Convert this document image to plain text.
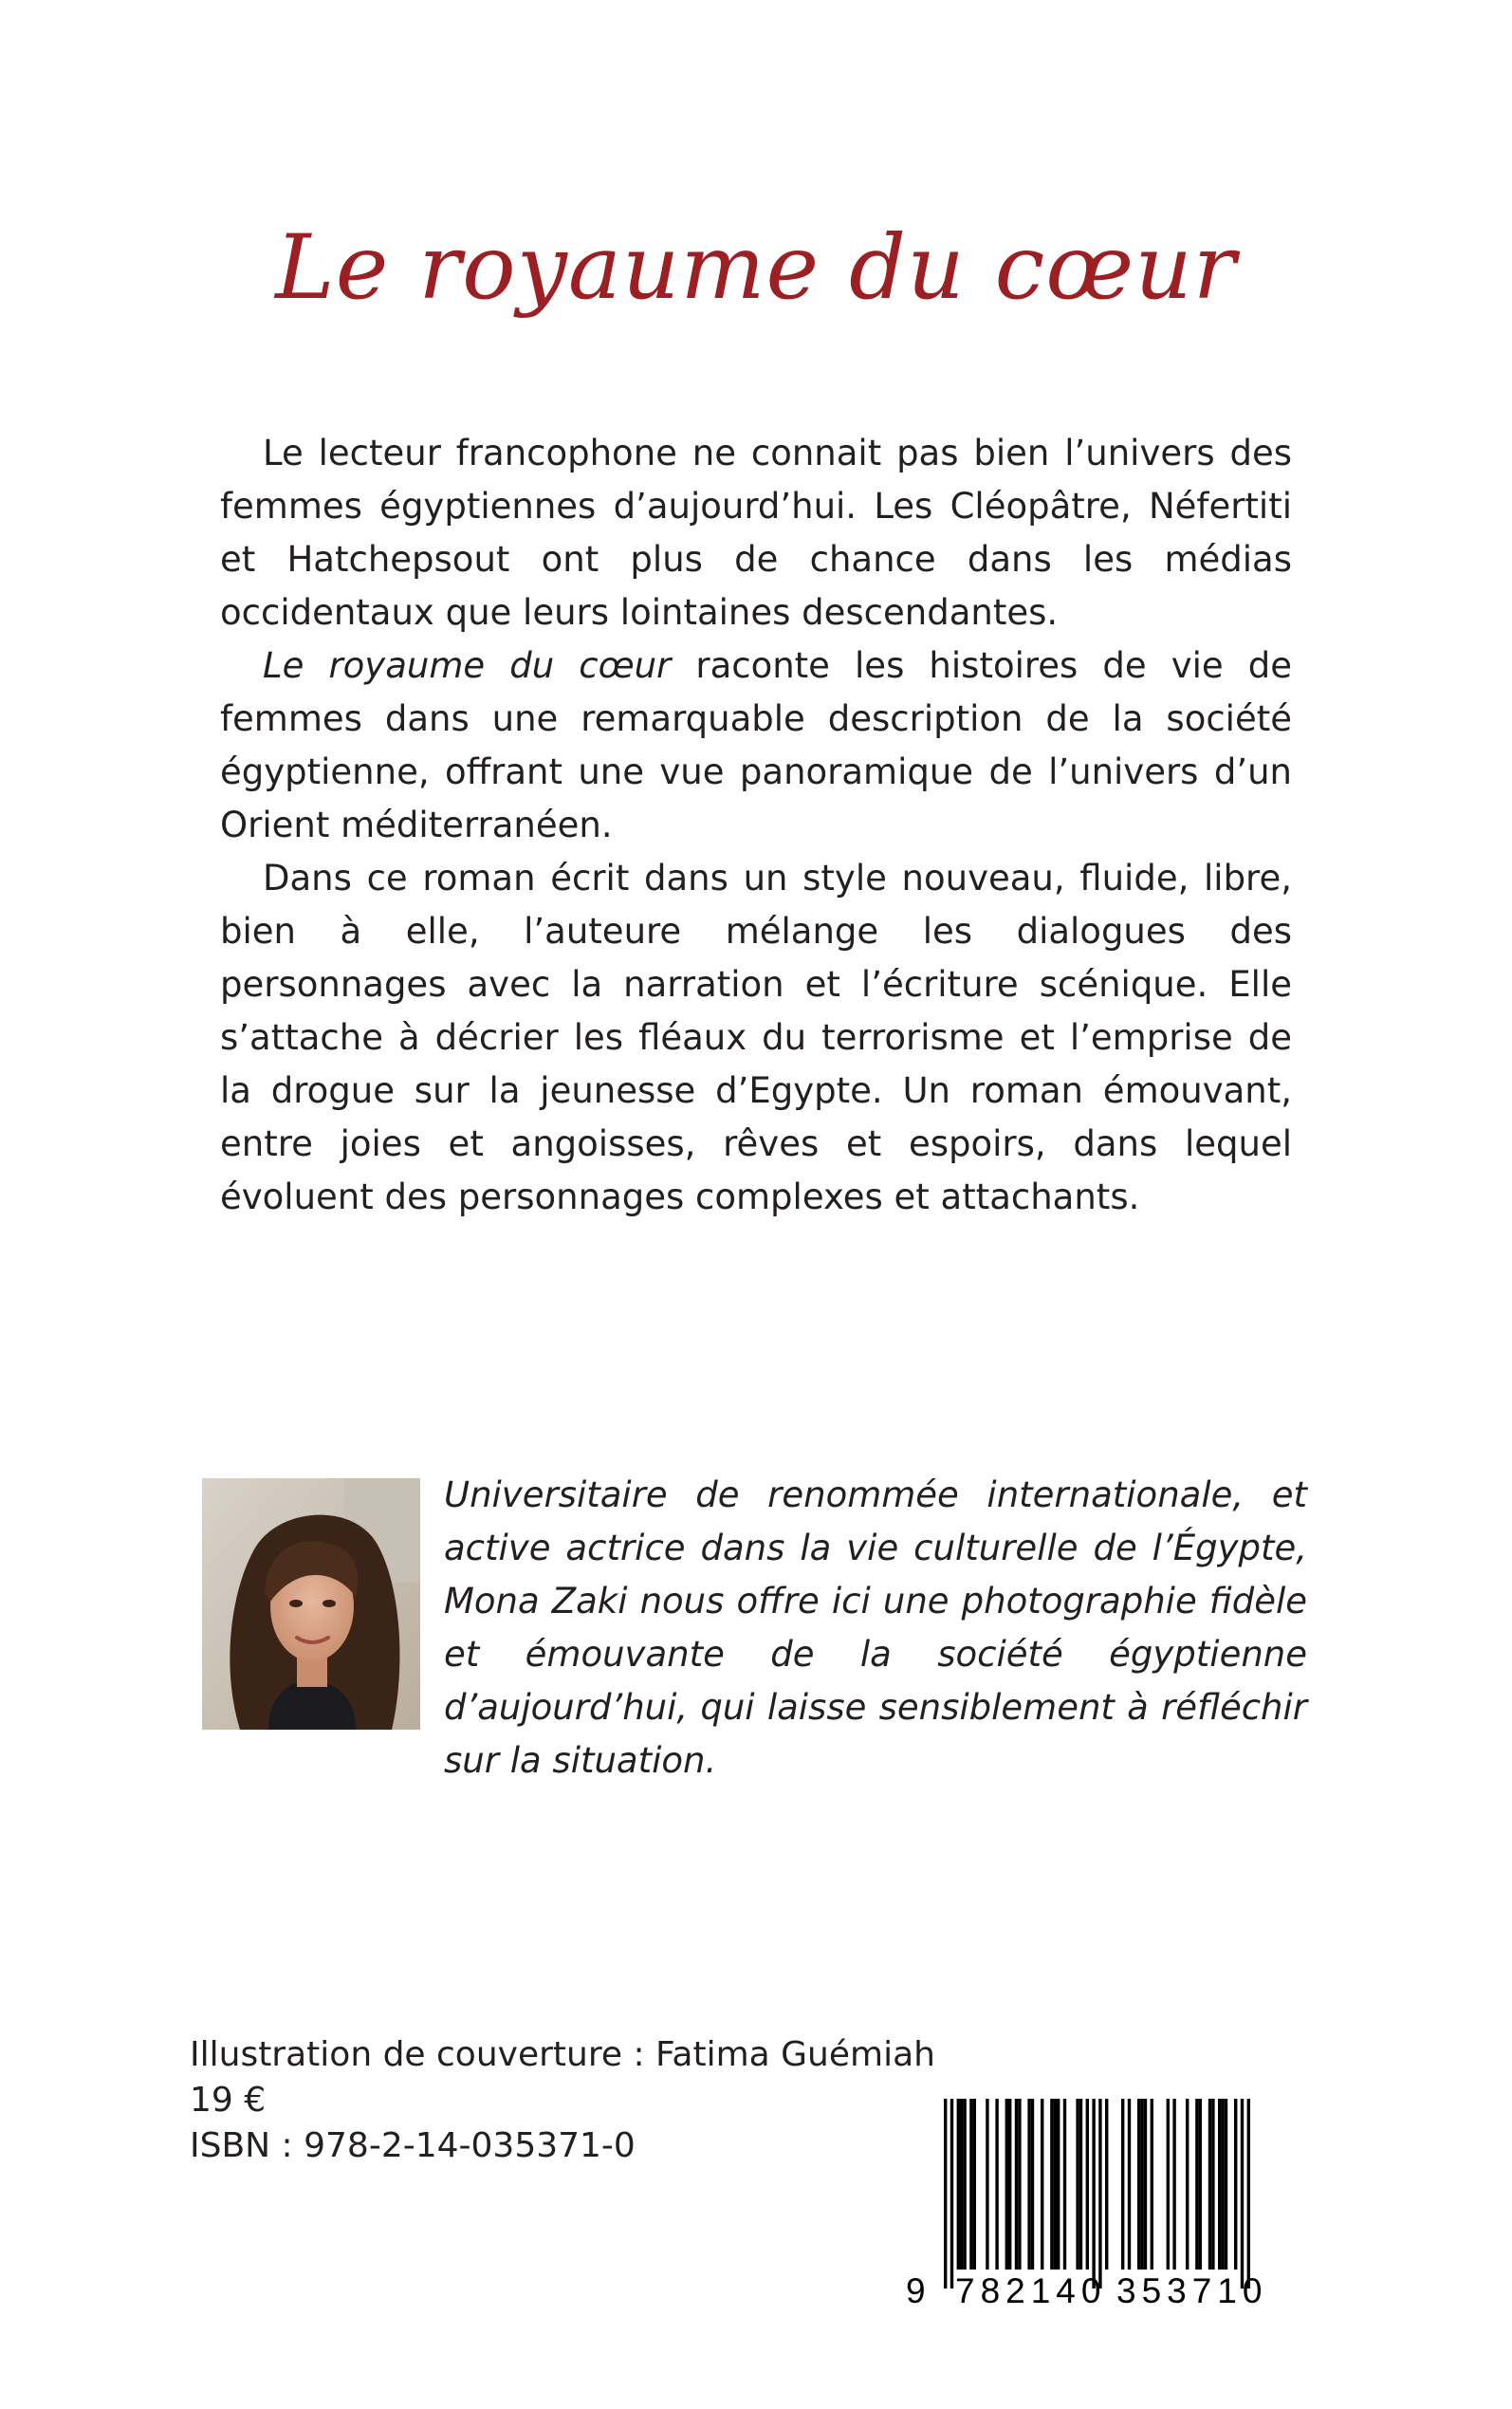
Le royaume du cœur

Le lecteur francophone ne connait pas bien l’univers des femmes égyptiennes d’aujourd’hui. Les Cléopâtre, Néfertiti et Hatchepsout ont plus de chance dans les médias occidentaux que leurs lointaines descendantes.

Le royaume du cœur raconte les histoires de vie de femmes dans une remarquable description de la société égyptienne, offrant une vue panoramique de l’univers d’un Orient méditerranéen.

Dans ce roman écrit dans un style nouveau, fluide, libre, bien à elle, l’auteure mélange les dialogues des personnages avec la narration et l’écriture scénique. Elle s’attache à décrier les fléaux du terrorisme et l’emprise de la drogue sur la jeunesse d’Egypte. Un roman émouvant, entre joies et angoisses, rêves et espoirs, dans lequel évoluent des personnages complexes et attachants.

Universitaire de renommée internationale, et active actrice dans la vie culturelle de l’Égypte, Mona Zaki nous offre ici une photographie fidèle et émouvante de la société égyptienne d’aujourd’hui, qui laisse sensiblement à réfléchir sur la situation.

Illustration de couverture : Fatima Guémiah
19 €
ISBN : 978-2-14-035371-0
9 782140 353710
